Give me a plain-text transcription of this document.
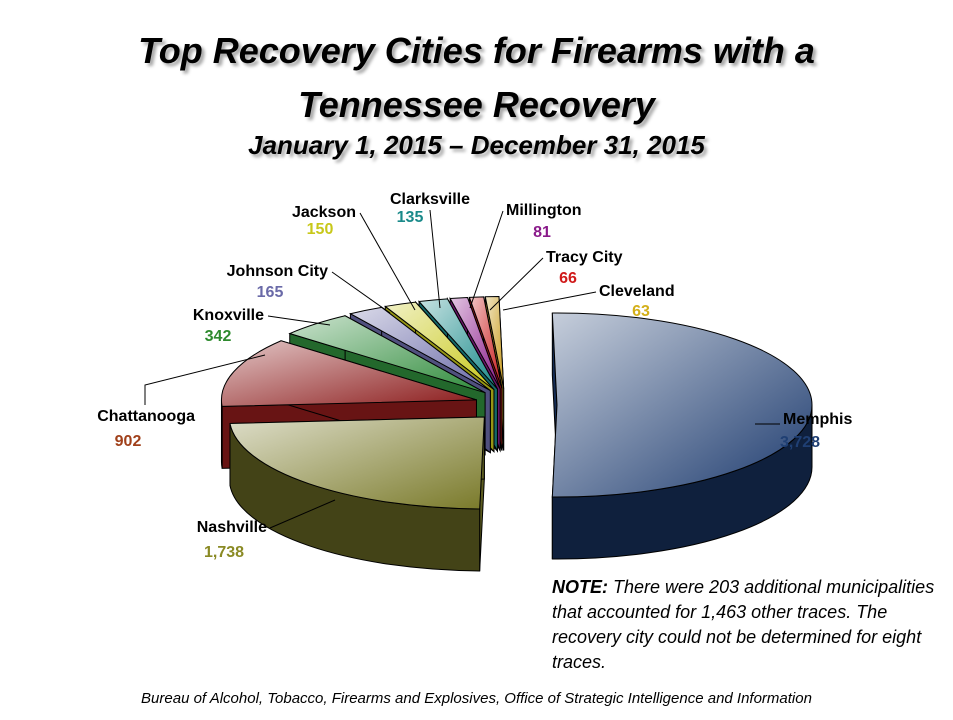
Top Recovery Cities for Firearms with a
Tennessee Recovery
January 1, 2015 – December 31, 2015
Memphis
3,728
Nashville
1,738
Chattanooga
902
Knoxville
342
Johnson City
165
Jackson
150
Clarksville
135	Millington
81
Tracy City
66
Cleveland
63
NOTE: There were 203 additional municipalities that accounted for 1,463 other traces. The recovery city could not be determined for eight traces.
Bureau of Alcohol, Tobacco, Firearms and Explosives, Office of Strategic Intelligence and Information
